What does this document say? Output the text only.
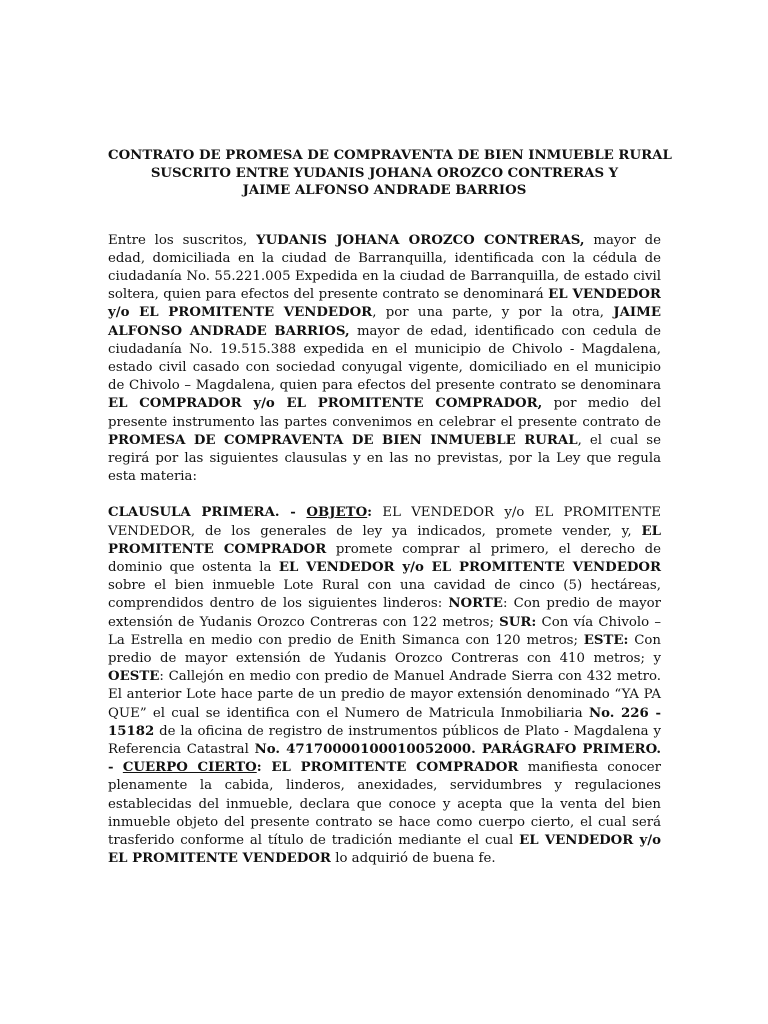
CONTRATO DE PROMESA DE COMPRAVENTA DE BIEN INMUEBLE RURAL
SUSCRITO ENTRE YUDANIS JOHANA OROZCO CONTRERAS Y
JAIME ALFONSO ANDRADE BARRIOS

Entre los suscritos, YUDANIS JOHANA OROZCO CONTRERAS, mayor de edad, domiciliada en la ciudad de Barranquilla, identificada con la cédula de ciudadanía No. 55.221.005 Expedida en la ciudad de Barranquilla, de estado civil soltera, quien para efectos del presente contrato se denominará EL VENDEDOR y/o EL PROMITENTE VENDEDOR, por una parte, y por la otra, JAIME ALFONSO ANDRADE BARRIOS, mayor de edad, identificado con cedula de ciudadanía No. 19.515.388 expedida en el municipio de Chivolo - Magdalena, estado civil casado con sociedad conyugal vigente, domiciliado en el municipio de Chivolo – Magdalena, quien para efectos del presente contrato se denominara EL COMPRADOR y/o EL PROMITENTE COMPRADOR, por medio del presente instrumento las partes convenimos en celebrar el presente contrato de PROMESA DE COMPRAVENTA DE BIEN INMUEBLE RURAL, el cual se regirá por las siguientes clausulas y en las no previstas, por la Ley que regula esta materia:

CLAUSULA PRIMERA. - OBJETO: EL VENDEDOR y/o EL PROMITENTE VENDEDOR, de los generales de ley ya indicados, promete vender, y, EL PROMITENTE COMPRADOR promete comprar al primero, el derecho de dominio que ostenta la EL VENDEDOR y/o EL PROMITENTE VENDEDOR sobre el bien inmueble Lote Rural con una cavidad de cinco (5) hectáreas, comprendidos dentro de los siguientes linderos: NORTE: Con predio de mayor extensión de Yudanis Orozco Contreras con 122 metros; SUR: Con vía Chivolo – La Estrella en medio con predio de Enith Simanca con 120 metros; ESTE: Con predio de mayor extensión de Yudanis Orozco Contreras con 410 metros; y OESTE: Callejón en medio con predio de Manuel Andrade Sierra con 432 metro. El anterior Lote hace parte de un predio de mayor extensión denominado “YA PA QUE” el cual se identifica con el Numero de Matricula Inmobiliaria No. 226 - 15182 de la oficina de registro de instrumentos públicos de Plato - Magdalena y Referencia Catastral No. 47170000100010052000. PARÁGRAFO PRIMERO. - CUERPO CIERTO: EL PROMITENTE COMPRADOR manifiesta conocer plenamente la cabida, linderos, anexidades, servidumbres y regulaciones establecidas del inmueble, declara que conoce y acepta que la venta del bien inmueble objeto del presente contrato se hace como cuerpo cierto, el cual será trasferido conforme al título de tradición mediante el cual EL VENDEDOR y/o EL PROMITENTE VENDEDOR lo adquirió de buena fe.
